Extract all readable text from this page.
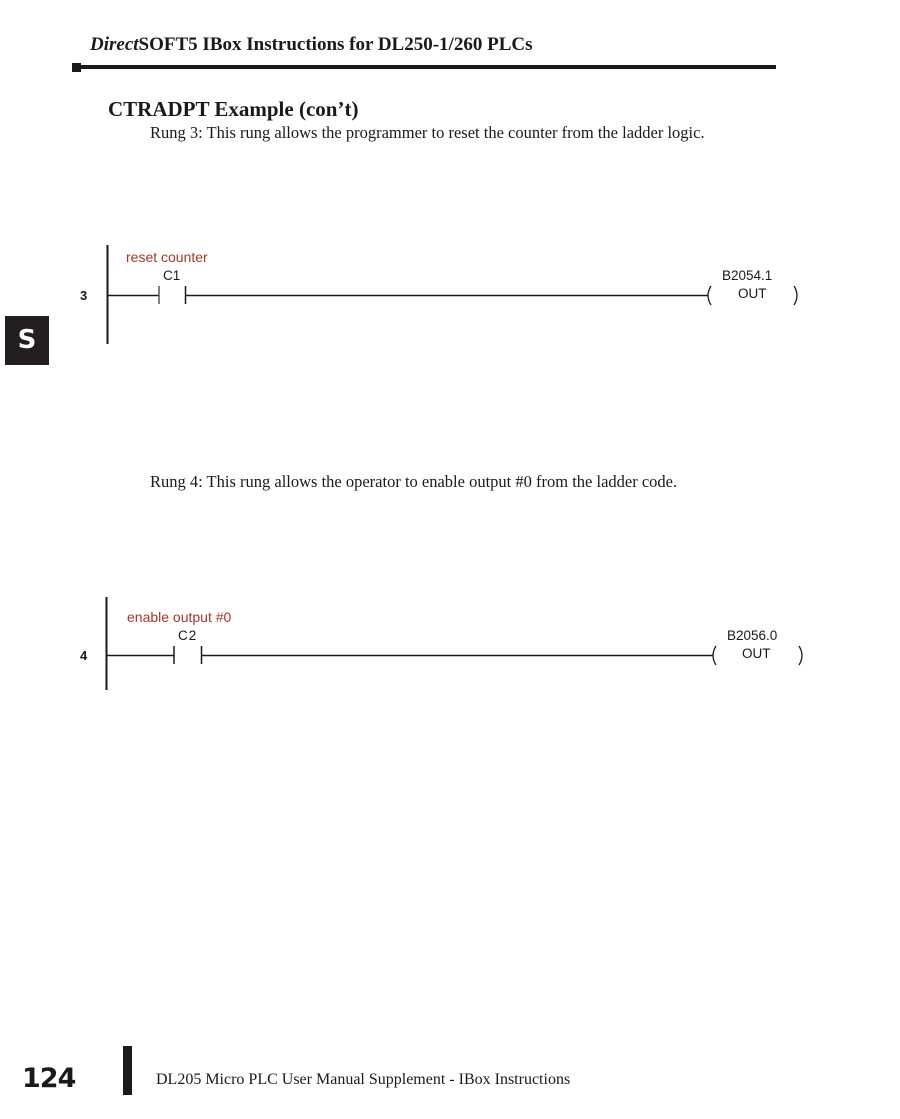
DirectSOFT5 IBox Instructions for DL250-1/260 PLCs
S
CTRADPT Example (con’t)
Rung 3: This rung allows the programmer to reset the counter from the ladder logic.
3
reset counter
C1	B2054.1
OUT
Rung 4: This rung allows the operator to enable output #0 from the ladder code.
4
enable output #0
C2	B2056.0
OUT
124	DL205 Micro PLC User Manual Supplement - IBox Instructions
